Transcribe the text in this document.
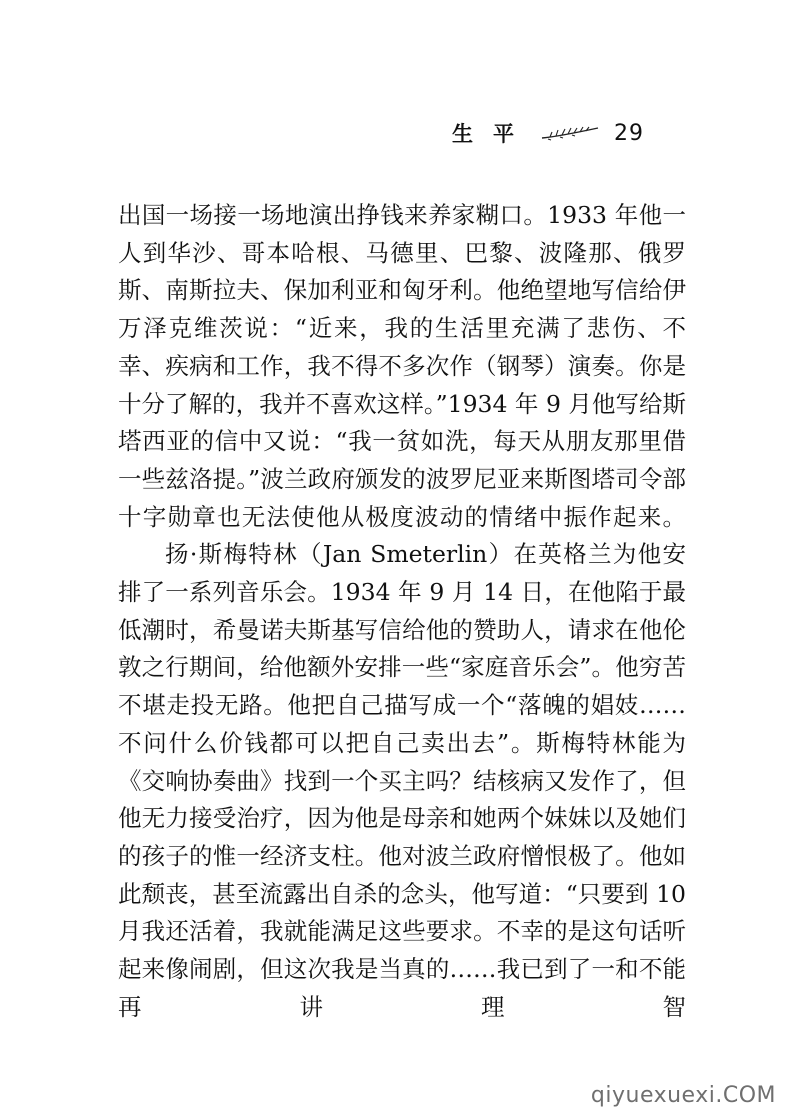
生平	29

出国一场接一场地演出挣钱来养家糊口。1933 年他一人到华沙、哥本哈根、马德里、巴黎、波隆那、俄罗斯、南斯拉夫、保加利亚和匈牙利。他绝望地写信给伊万泽克维茨说：“近来，我的生活里充满了悲伤、不幸、疾病和工作，我不得不多次作（钢琴）演奏。你是十分了解的，我并不喜欢这样。”1934 年 9 月他写给斯塔西亚的信中又说：“我一贫如洗，每天从朋友那里借一些兹洛提。”波兰政府颁发的波罗尼亚来斯图塔司令部十字勋章也无法使他从极度波动的情绪中振作起来。

扬·斯梅特林（Jan Smeterlin）在英格兰为他安排了一系列音乐会。1934 年 9 月 14 日，在他陷于最低潮时，希曼诺夫斯基写信给他的赞助人，请求在他伦敦之行期间，给他额外安排一些“家庭音乐会”。他穷苦不堪走投无路。他把自己描写成一个“落魄的娼妓……不问什么价钱都可以把自己卖出去”。斯梅特林能为《交响协奏曲》找到一个买主吗？结核病又发作了，但他无力接受治疗，因为他是母亲和她两个妹妹以及她们的孩子的惟一经济支柱。他对波兰政府憎恨极了。他如此颓丧，甚至流露出自杀的念头，他写道：“只要到 10 月我还活着，我就能满足这些要求。不幸的是这句话听起来像闹剧，但这次我是当真的……我已到了一和不能再讲理智

qiyuexuexi.COM
